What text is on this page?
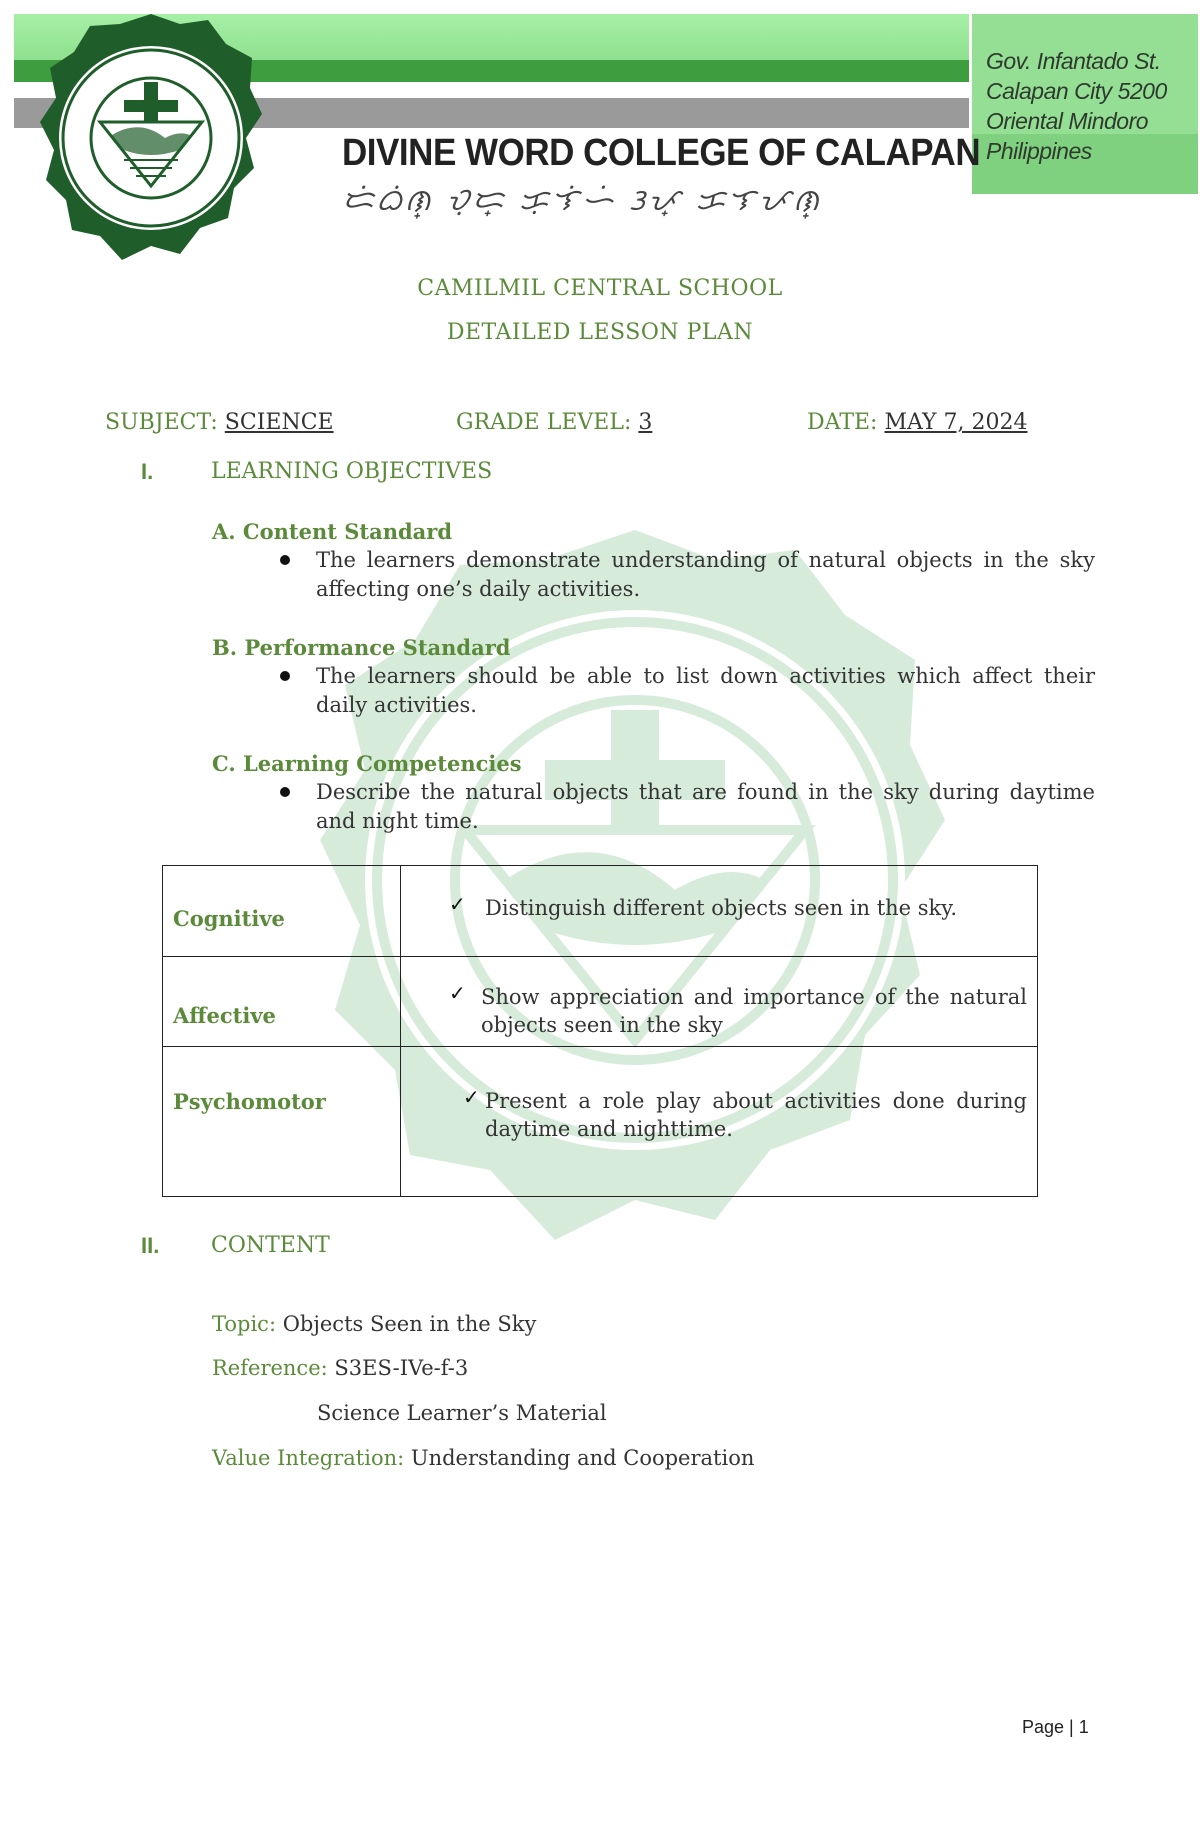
Gov. Infantado St.
Calapan City 5200
Oriental Mindoro
Philippines
DIVINE WORD COLLEGE OF CALAPAN
ᜇᜒᜊᜒᜈ᜔ ᜏᜓᜇ᜔ ᜃᜓᜎᜒᜑᜒ ᜂᜉ᜔ ᜃᜎᜉᜈ᜔
CAMILMIL CENTRAL SCHOOL
DETAILED LESSON PLAN
SUBJECT: SCIENCE	GRADE LEVEL: 3	DATE: MAY 7, 2024
I.	LEARNING OBJECTIVES
A. Content Standard
The learners demonstrate understanding of natural objects in the sky affecting one’s daily activities.
B. Performance Standard
The learners should be able to list down activities which affect their daily activities.
C. Learning Competencies
Describe the natural objects that are found in the sky during daytime and night time.
Cognitive	✓ Distinguish different objects seen in the sky.

Affective	✓ Show appreciation and importance of the natural objects seen in the sky

Psychomotor	✓ Present a role play about activities done during daytime and nighttime.
II. CONTENT
Topic: Objects Seen in the Sky
Reference: S3ES-IVe-f-3
Science Learner’s Material
Value Integration: Understanding and Cooperation
Page | 1
